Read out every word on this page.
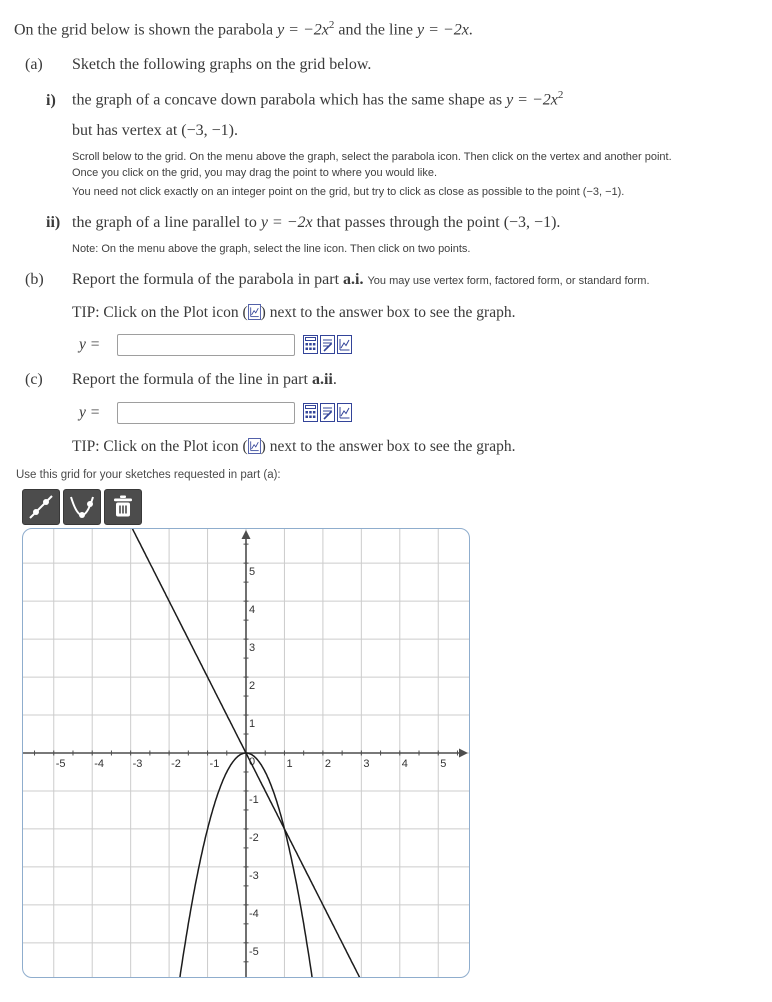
On the grid below is shown the parabola $y = -2x^2$ and the line y = −2x.

(a)	Sketch the following graphs on the grid below.
i)	the graph of a concave down parabola which has the same shape as $y = -2x^2$
but has vertex at (−3, −1).
Scroll below to the grid. On the menu above the graph, select the parabola icon. Then click on the vertex and another point.
Once you click on the grid, you may drag the point to where you would like.
You need not click exactly on an integer point on the grid, but try to click as close as possible to the point (−3, −1).
ii) the graph of a line parallel to y = −2x that passes through the point (−3, −1).
Note: On the menu above the graph, select the line icon. Then click on two points.
(b)	Report the formula of the parabola in part a.i. You may use vertex form, factored form, or standard form.
TIP: Click on the Plot icon ( ) next to the answer box to see the graph.
y =
(c)	Report the formula of the line in part a.ii.
y =
TIP: Click on the Plot icon ( ) next to the answer box to see the graph.
Use this grid for your sketches requested in part (a):
-5	-4	-3	-2	-1	1	2	3	4	5
5
4
3
2
1
0
-1
-2
-3
-4
-5
